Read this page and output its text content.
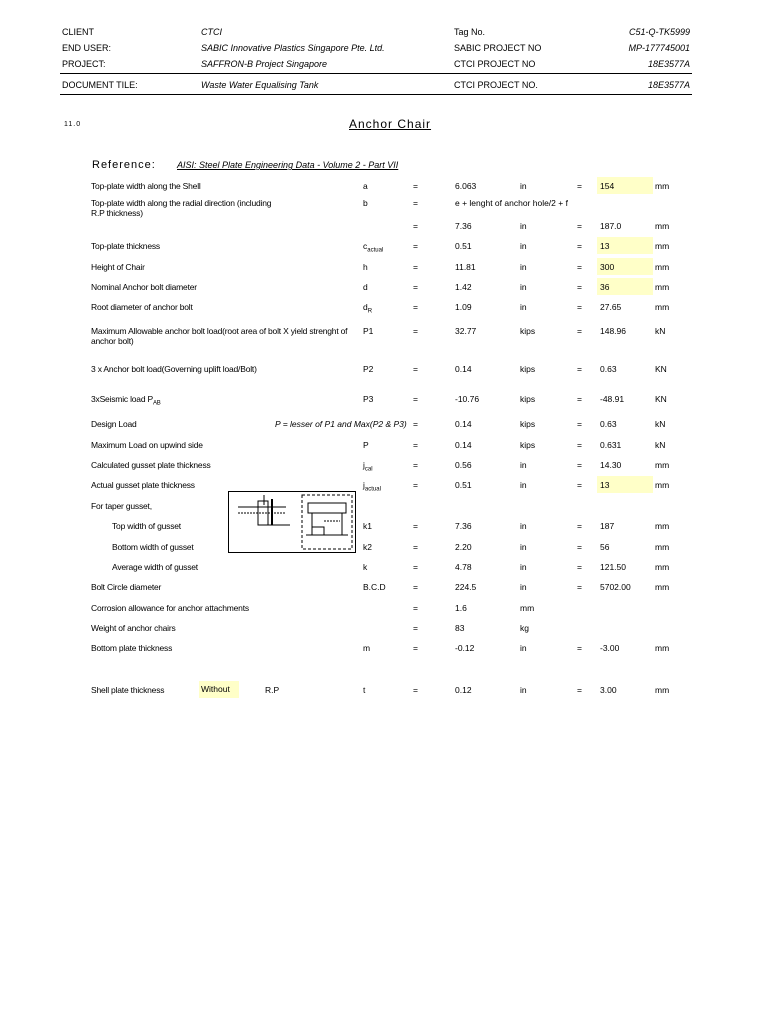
CLIENT	CTCI	Tag No.	C51-Q-TK5999
END USER:	SABIC Innovative Plastics Singapore Pte. Ltd.	SABIC PROJECT NO	MP-177745001
PROJECT:	SAFFRON-B Project Singapore	CTCI PROJECT NO	18E3577A
DOCUMENT TILE:	Waste Water Equalising Tank	CTCI PROJECT NO.	18E3577A
11.0	Anchor Chair
Reference: AISI: Steel Plate Engineering Data - Volume 2 - Part VII
Top-plate width along the Shell	a	=	6.063	in	= 154	mm
Top-plate width along the radial direction (including
R.P thickness)
b	=	e + lenght of anchor hole/2 + f
=	7.36	in	= 187.0	mm
Top-plate thickness	$c_{actual}$	=	0.51	in	= 13	mm
Height of Chair	h	=	11.81	in	= 300	mm
Nominal Anchor bolt diameter	d	=	1.42	in	= 36	mm
Root diameter of anchor bolt	$d_R$	=	1.09	in	= 27.65	mm
Maximum Allowable anchor bolt load(root area of bolt X yield strenght of
anchor bolt)
P1	=	32.77	kips	= 148.96	kN
3 x Anchor bolt load(Governing uplift load/Bolt)	P2	=	0.14	kips	= 0.63	KN
3xSeismic load $P_{AB}$	P3	=	-10.76	kips	= -48.91	KN
Design Load	P = lesser of P1 and Max(P2 & P3) =	0.14	kips	= 0.63	kN
Maximum Load on upwind side	P	=	0.14	kips	= 0.631	kN
Calculated gusset plate thickness	$j_{cal}$	=	0.56	in	= 14.30	mm
Actual gusset plate thickness	$j_{actual}$	=	0.51	in	= 13	mm
For taper gusset,
Top width of gusset	k1	=	7.36	in	= 187	mm
Bottom width of gusset	k2	=	2.20	in	= 56	mm
Average width of gusset	k	=	4.78	in	= 121.50	mm
Bolt Circle diameter	B.C.D	=	224.5	in	= 5702.00	mm
Corrosion allowance for anchor attachments	=	1.6	mm
Weight of anchor chairs	=	83	kg
Bottom plate thickness	m	=	-0.12	in	= -3.00	mm
Shell plate thickness	Without	R.P	t	=	0.12	in	= 3.00	mm
